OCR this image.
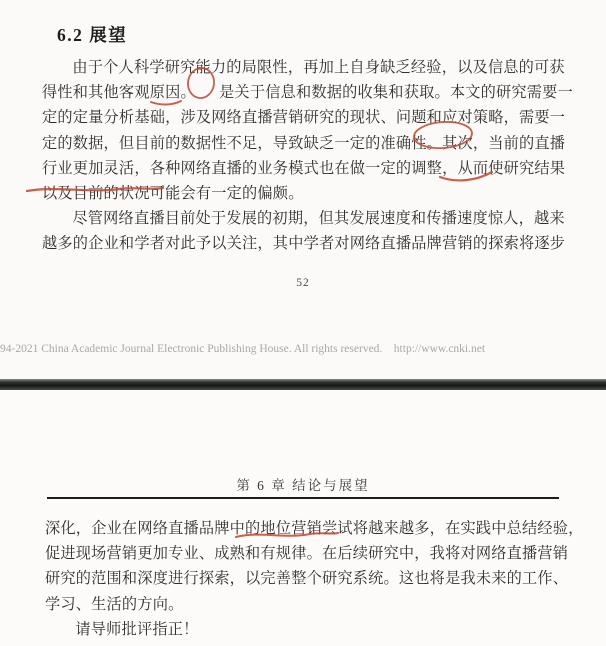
6.2 展望
由于个人科学研究能力的局限性，再加上自身缺乏经验，以及信息的可获
得性和其他客观原因。　　是关于信息和数据的收集和获取。本文的研究需要一
定的定量分析基础，涉及网络直播营销研究的现状、问题和应对策略，需要一
定的数据，但目前的数据性不足，导致缺乏一定的准确性。其次，当前的直播
行业更加灵活，各种网络直播的业务模式也在做一定的调整，从而使研究结果
以及目前的状况可能会有一定的偏颇。
尽管网络直播目前处于发展的初期，但其发展速度和传播速度惊人，越来
越多的企业和学者对此予以关注，其中学者对网络直播品牌营销的探索将逐步
52
94-2021 China Academic Journal Electronic Publishing House. All rights reserved.    http://www.cnki.net
第 6 章 结论与展望
深化，企业在网络直播品牌中的地位营销尝试将越来越多，在实践中总结经验，
促进现场营销更加专业、成熟和有规律。在后续研究中，我将对网络直播营销
研究的范围和深度进行探索，以完善整个研究系统。这也将是我未来的工作、
学习、生活的方向。
请导师批评指正！
